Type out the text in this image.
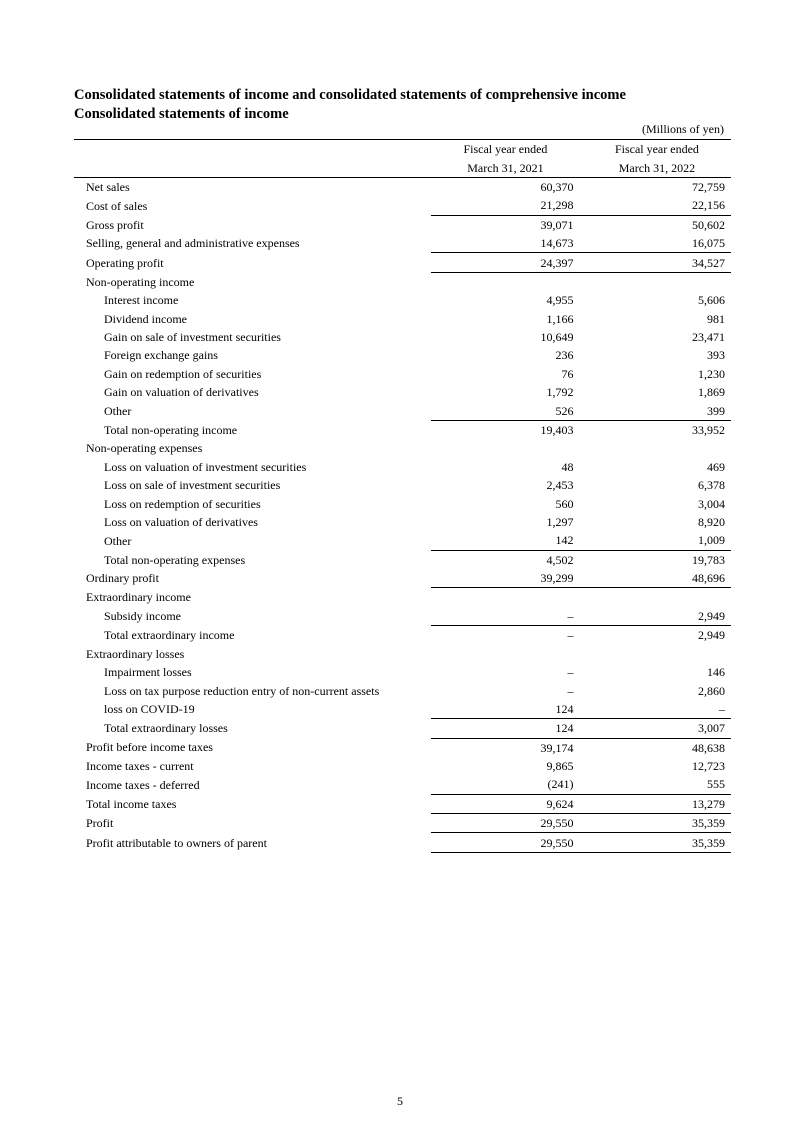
Consolidated statements of income and consolidated statements of comprehensive income
Consolidated statements of income
(Millions of yen)
	Fiscal year ended		Fiscal year ended
	March 31, 2021		March 31, 2022
Net sales	60,370		72,759
Cost of sales	21,298		22,156
Gross profit	39,071		50,602
Selling, general and administrative expenses	14,673		16,075
Operating profit	24,397		34,527
Non-operating income			
Interest income	4,955		5,606
Dividend income	1,166		981
Gain on sale of investment securities	10,649		23,471
Foreign exchange gains	236		393
Gain on redemption of securities	76		1,230
Gain on valuation of derivatives	1,792		1,869
Other	526		399
Total non-operating income	19,403		33,952
Non-operating expenses			
Loss on valuation of investment securities	48		469
Loss on sale of investment securities	2,453		6,378
Loss on redemption of securities	560		3,004
Loss on valuation of derivatives	1,297		8,920
Other	142		1,009
Total non-operating expenses	4,502		19,783
Ordinary profit	39,299		48,696
Extraordinary income			
Subsidy income	–		2,949
Total extraordinary income	–		2,949
Extraordinary losses			
Impairment losses	–		146
Loss on tax purpose reduction entry of non-current assets	–		2,860
loss on COVID-19	124		–
Total extraordinary losses	124		3,007
Profit before income taxes	39,174		48,638
Income taxes - current	9,865		12,723
Income taxes - deferred	(241)		555
Total income taxes	9,624		13,279
Profit	29,550		35,359
Profit attributable to owners of parent	29,550		35,359
5
